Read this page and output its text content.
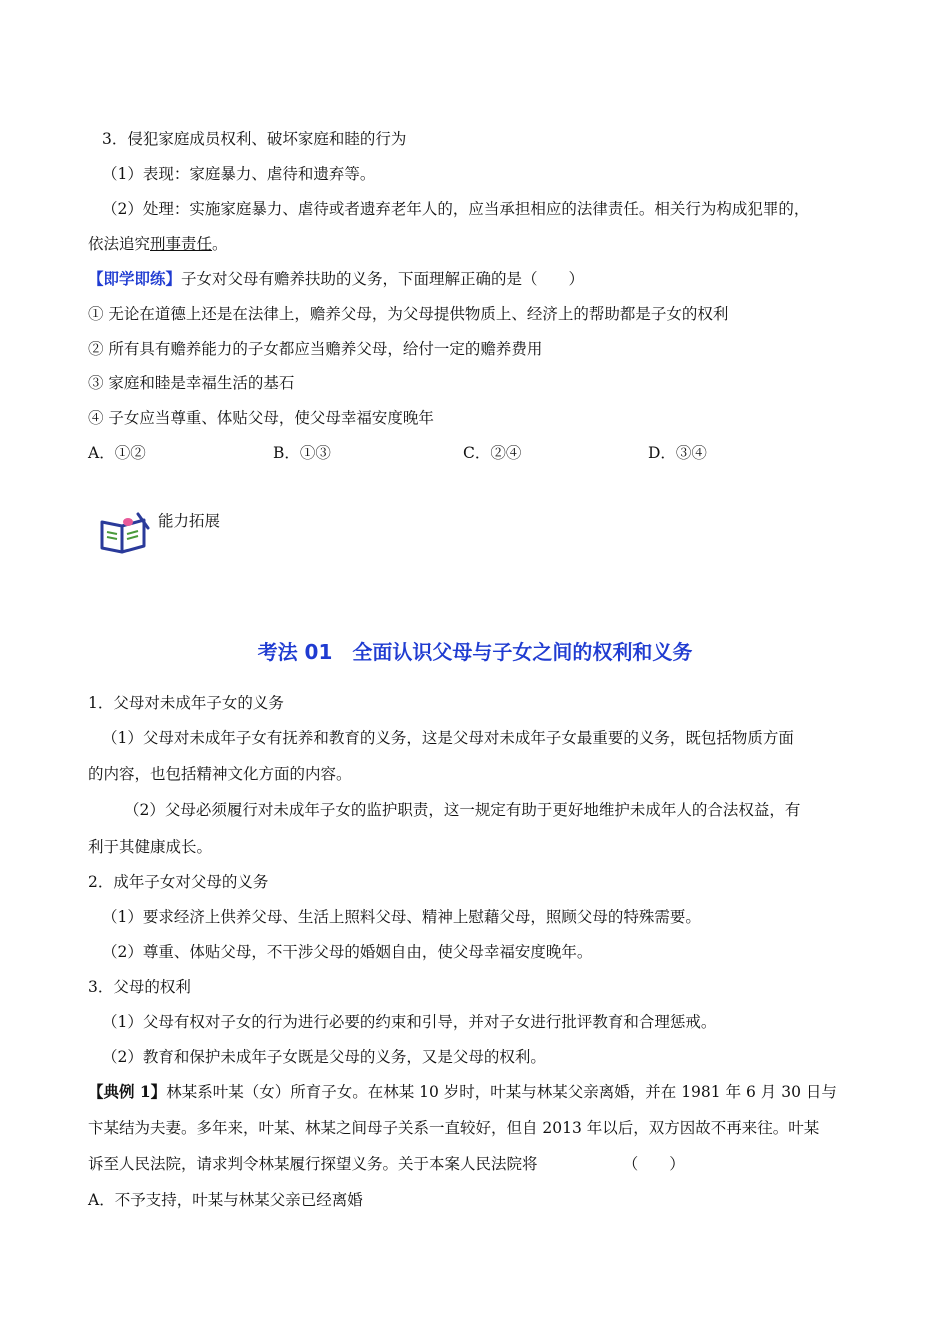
3．侵犯家庭成员权利、破坏家庭和睦的行为
（1）表现：家庭暴力、虐待和遗弃等。
（2）处理：实施家庭暴力、虐待或者遗弃老年人的，应当承担相应的法律责任。相关行为构成犯罪的，
依法追究刑事责任。
【即学即练】子女对父母有赡养扶助的义务，下面理解正确的是（　　）
① 无论在道德上还是在法律上，赡养父母，为父母提供物质上、经济上的帮助都是子女的权利
② 所有具有赡养能力的子女都应当赡养父母，给付一定的赡养费用
③ 家庭和睦是幸福生活的基石
④ 子女应当尊重、体贴父母，使父母幸福安度晚年
A．①②	B．①③	C．②④	D．③④
能力拓展
考法 01　全面认识父母与子女之间的权利和义务
1．父母对未成年子女的义务
（1）父母对未成年子女有抚养和教育的义务，这是父母对未成年子女最重要的义务，既包括物质方面
的内容，也包括精神文化方面的内容。
（2）父母必须履行对未成年子女的监护职责，这一规定有助于更好地维护未成年人的合法权益，有
利于其健康成长。
2．成年子女对父母的义务
（1）要求经济上供养父母、生活上照料父母、精神上慰藉父母，照顾父母的特殊需要。
（2）尊重、体贴父母，不干涉父母的婚姻自由，使父母幸福安度晚年。
3．父母的权利
（1）父母有权对子女的行为进行必要的约束和引导，并对子女进行批评教育和合理惩戒。
（2）教育和保护未成年子女既是父母的义务，又是父母的权利。
【典例 1】林某系叶某（女）所育子女。在林某 10 岁时，叶某与林某父亲离婚，并在 1981 年 6 月 30 日与
卞某结为夫妻。多年来，叶某、林某之间母子关系一直较好，但自 2013 年以后，双方因故不再来往。叶某
诉至人民法院，请求判令林某履行探望义务。关于本案人民法院将　　　　　　（　　）
A．不予支持，叶某与林某父亲已经离婚
